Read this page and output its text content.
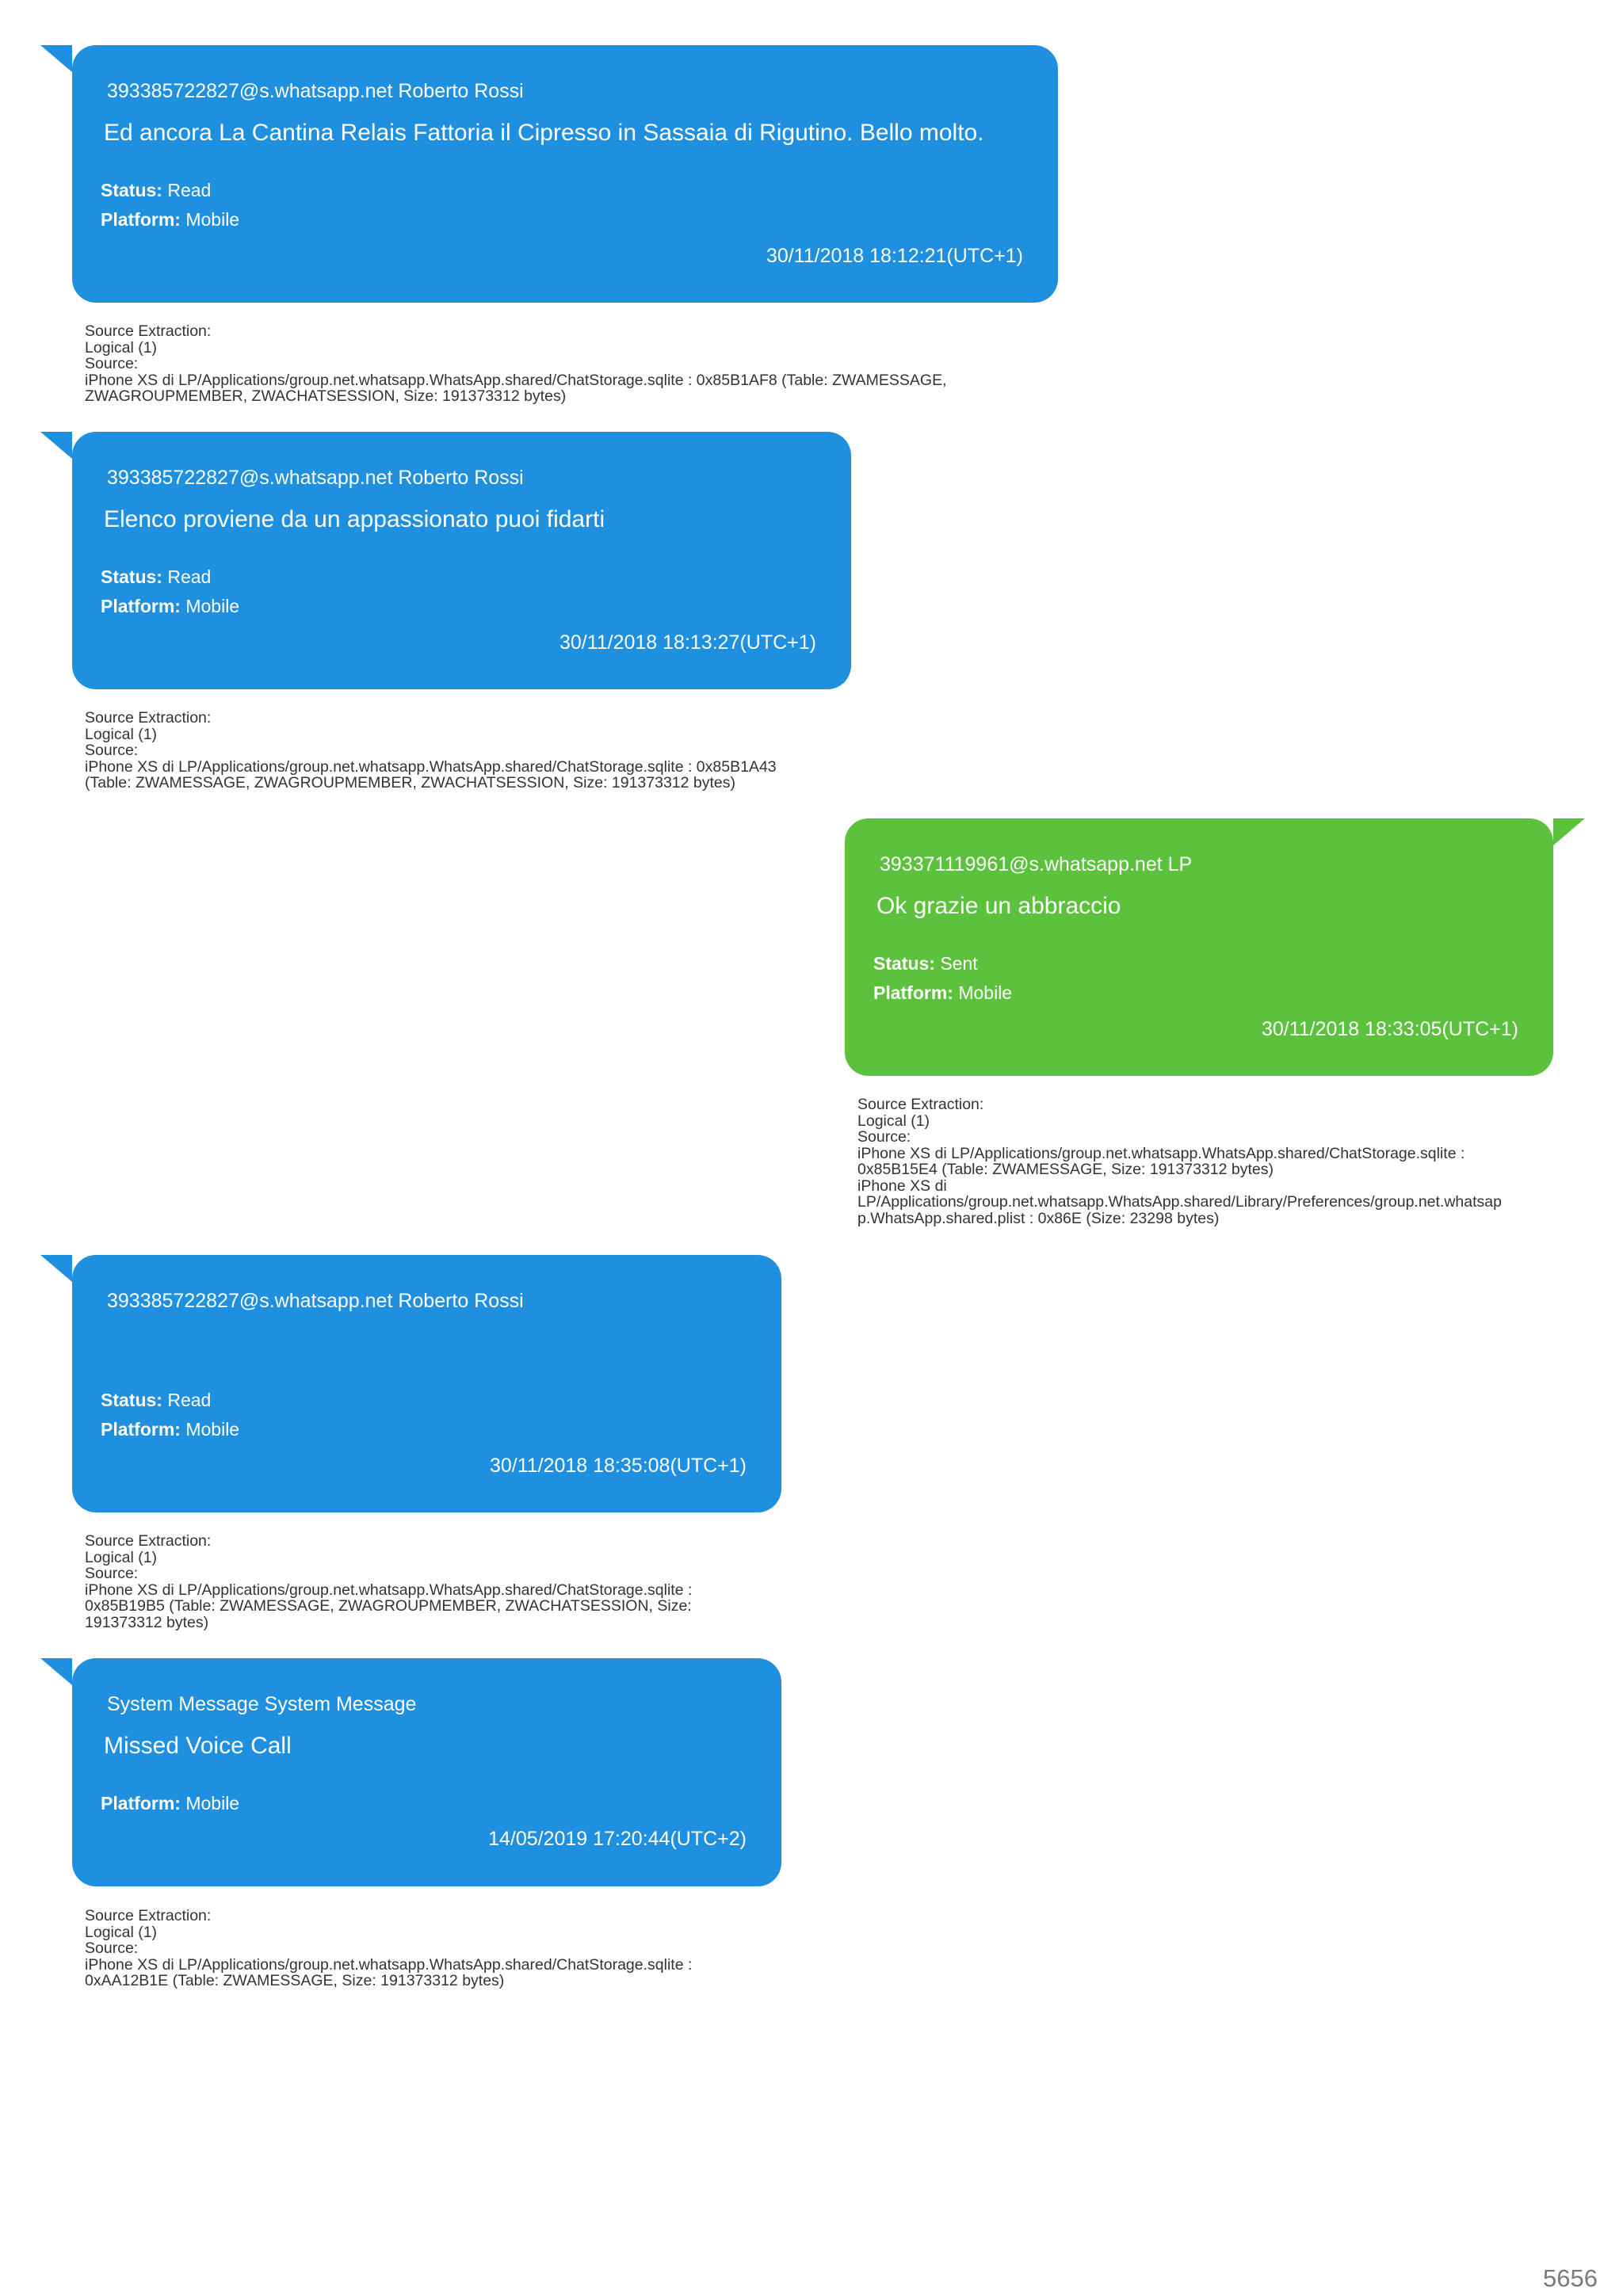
393385722827@s.whatsapp.net Roberto Rossi
Ed ancora La Cantina Relais Fattoria il Cipresso in Sassaia di Rigutino. Bello molto.
Status: Read
Platform: Mobile
30/11/2018 18:12:21(UTC+1)
Source Extraction:
Logical (1)
Source:
iPhone XS di LP/Applications/group.net.whatsapp.WhatsApp.shared/ChatStorage.sqlite : 0x85B1AF8 (Table: ZWAMESSAGE,
ZWAGROUPMEMBER, ZWACHATSESSION, Size: 191373312 bytes)
393385722827@s.whatsapp.net Roberto Rossi
Elenco proviene da un appassionato puoi fidarti
Status: Read
Platform: Mobile
30/11/2018 18:13:27(UTC+1)
Source Extraction:
Logical (1)
Source:
iPhone XS di LP/Applications/group.net.whatsapp.WhatsApp.shared/ChatStorage.sqlite : 0x85B1A43
(Table: ZWAMESSAGE, ZWAGROUPMEMBER, ZWACHATSESSION, Size: 191373312 bytes)
393371119961@s.whatsapp.net LP
Ok grazie un abbraccio
Status: Sent
Platform: Mobile
30/11/2018 18:33:05(UTC+1)
Source Extraction:
Logical (1)
Source:
iPhone XS di LP/Applications/group.net.whatsapp.WhatsApp.shared/ChatStorage.sqlite :
0x85B15E4 (Table: ZWAMESSAGE, Size: 191373312 bytes)
iPhone XS di
LP/Applications/group.net.whatsapp.WhatsApp.shared/Library/Preferences/group.net.whatsap
p.WhatsApp.shared.plist : 0x86E (Size: 23298 bytes)
393385722827@s.whatsapp.net Roberto Rossi
Status: Read
Platform: Mobile
30/11/2018 18:35:08(UTC+1)
Source Extraction:
Logical (1)
Source:
iPhone XS di LP/Applications/group.net.whatsapp.WhatsApp.shared/ChatStorage.sqlite :
0x85B19B5 (Table: ZWAMESSAGE, ZWAGROUPMEMBER, ZWACHATSESSION, Size:
191373312 bytes)
System Message System Message
Missed Voice Call
Platform: Mobile
14/05/2019 17:20:44(UTC+2)
Source Extraction:
Logical (1)
Source:
iPhone XS di LP/Applications/group.net.whatsapp.WhatsApp.shared/ChatStorage.sqlite :
0xAA12B1E (Table: ZWAMESSAGE, Size: 191373312 bytes)
5656
